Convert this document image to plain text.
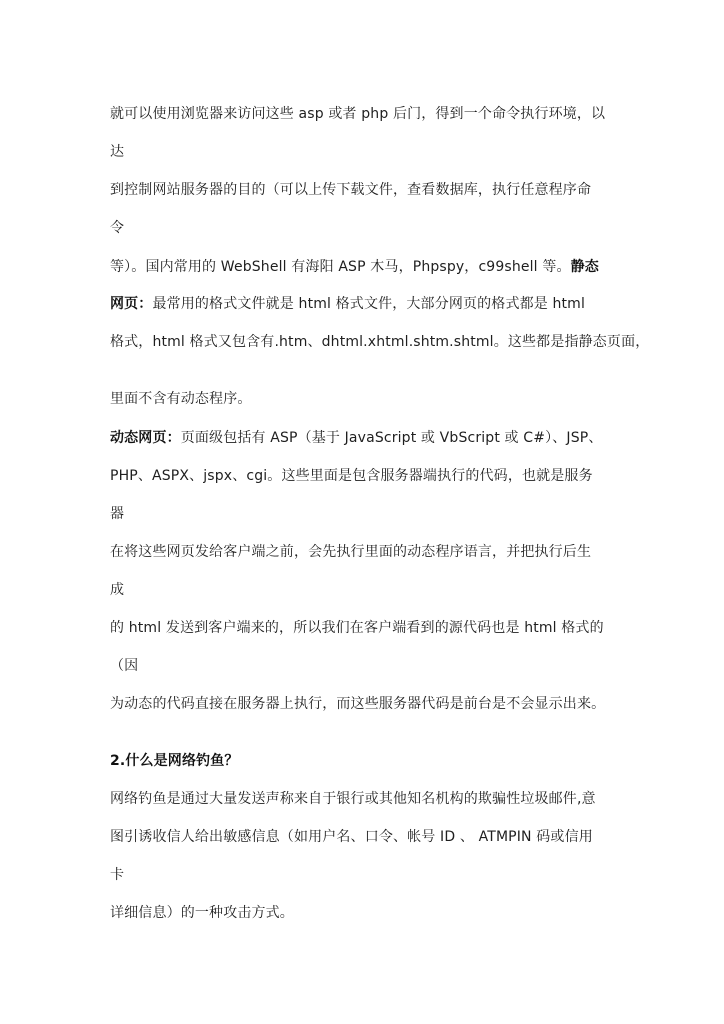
就可以使用浏览器来访问这些 asp 或者 php 后门，得到一个命令执行环境，以
达
到控制网站服务器的目的（可以上传下载文件，查看数据库，执行任意程序命
令
等）。国内常用的 WebShell 有海阳 ASP 木马，Phpspy，c99shell 等。静态
网页：最常用的格式文件就是 html 格式文件，大部分网页的格式都是 html
格式，html 格式又包含有.htm、dhtml.xhtml.shtm.shtml。这些都是指静态页面，
里面不含有动态程序。
动态网页：页面级包括有 ASP（基于 JavaScript 或 VbScript 或 C#）、JSP、
PHP、ASPX、jspx、cgi。这些里面是包含服务器端执行的代码，也就是服务
器
在将这些网页发给客户端之前，会先执行里面的动态程序语言，并把执行后生
成
的 html 发送到客户端来的，所以我们在客户端看到的源代码也是 html 格式的
（因
为动态的代码直接在服务器上执行，而这些服务器代码是前台是不会显示出来。
2.什么是网络钓鱼？
网络钓鱼是通过大量发送声称来自于银行或其他知名机构的欺骗性垃圾邮件,意
图引诱收信人给出敏感信息（如用户名、口令、帐号 ID 、 ATMPIN 码或信用
卡
详细信息）的一种攻击方式。
